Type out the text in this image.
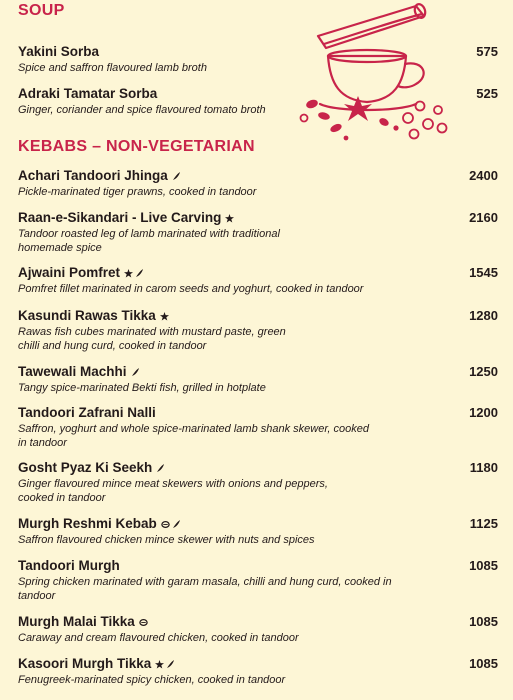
SOUP
Yakini Sorba
Spice and saffron flavoured lamb broth
575
Adraki Tamatar Sorba
Ginger, coriander and spice flavoured tomato broth
525
KEBABS – NON-VEGETARIAN
Achari Tandoori Jhinga
Pickle-marinated tiger prawns, cooked in tandoor
2400
Raan-e-Sikandari - Live Carving
Tandoor roasted leg of lamb marinated with traditional homemade spice
2160
Ajwaini Pomfret
Pomfret fillet marinated in carom seeds and yoghurt, cooked in tandoor
1545
Kasundi Rawas Tikka
Rawas fish cubes marinated with mustard paste, green chilli and hung curd, cooked in tandoor
1280
Tawewali Machhi
Tangy spice-marinated Bekti fish, grilled in hotplate
1250
Tandoori Zafrani Nalli
Saffron, yoghurt and whole spice-marinated lamb shank skewer, cooked in tandoor
1200
Gosht Pyaz Ki Seekh
Ginger flavoured mince meat skewers with onions and peppers, cooked in tandoor
1180
Murgh Reshmi Kebab
Saffron flavoured chicken mince skewer with nuts and spices
1125
Tandoori Murgh
Spring chicken marinated with garam masala, chilli and hung curd, cooked in tandoor
1085
Murgh Malai Tikka
Caraway and cream flavoured chicken, cooked in tandoor
1085
Kasoori Murgh Tikka
Fenugreek-marinated spicy chicken, cooked in tandoor
1085
